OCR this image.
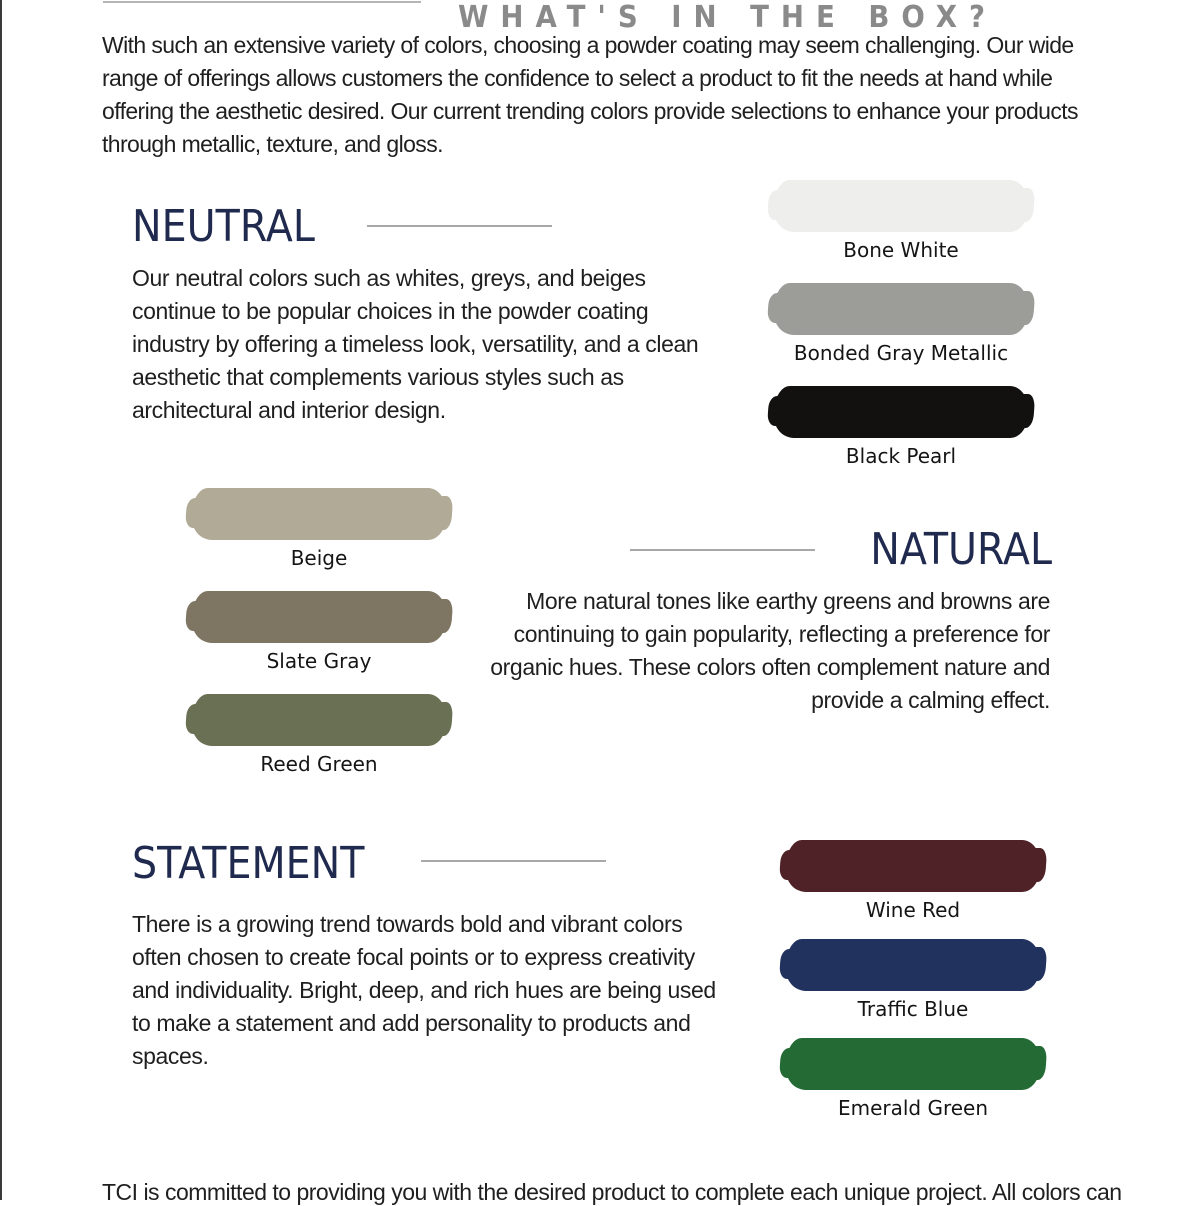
WHAT'S IN THE BOX?

With such an extensive variety of colors, choosing a powder coating may seem challenging. Our wide range of offerings allows customers the confidence to select a product to fit the needs at hand while offering the aesthetic desired. Our current trending colors provide selections to enhance your products through metallic, texture, and gloss.

NEUTRAL

Our neutral colors such as whites, greys, and beiges continue to be popular choices in the powder coating industry by offering a timeless look, versatility, and a clean aesthetic that complements various styles such as architectural and interior design.

Bone White
Bonded Gray Metallic
Black Pearl
Beige
Slate Gray
Reed Green
NATURAL

More natural tones like earthy greens and browns are continuing to gain popularity, reflecting a preference for organic hues. These colors often complement nature and provide a calming effect.

STATEMENT

There is a growing trend towards bold and vibrant colors often chosen to create focal points or to express creativity and individuality. Bright, deep, and rich hues are being used to make a statement and add personality to products and spaces.

Wine Red
Traffic Blue
Emerald Green

TCI is committed to providing you with the desired product to complete each unique project. All colors can
